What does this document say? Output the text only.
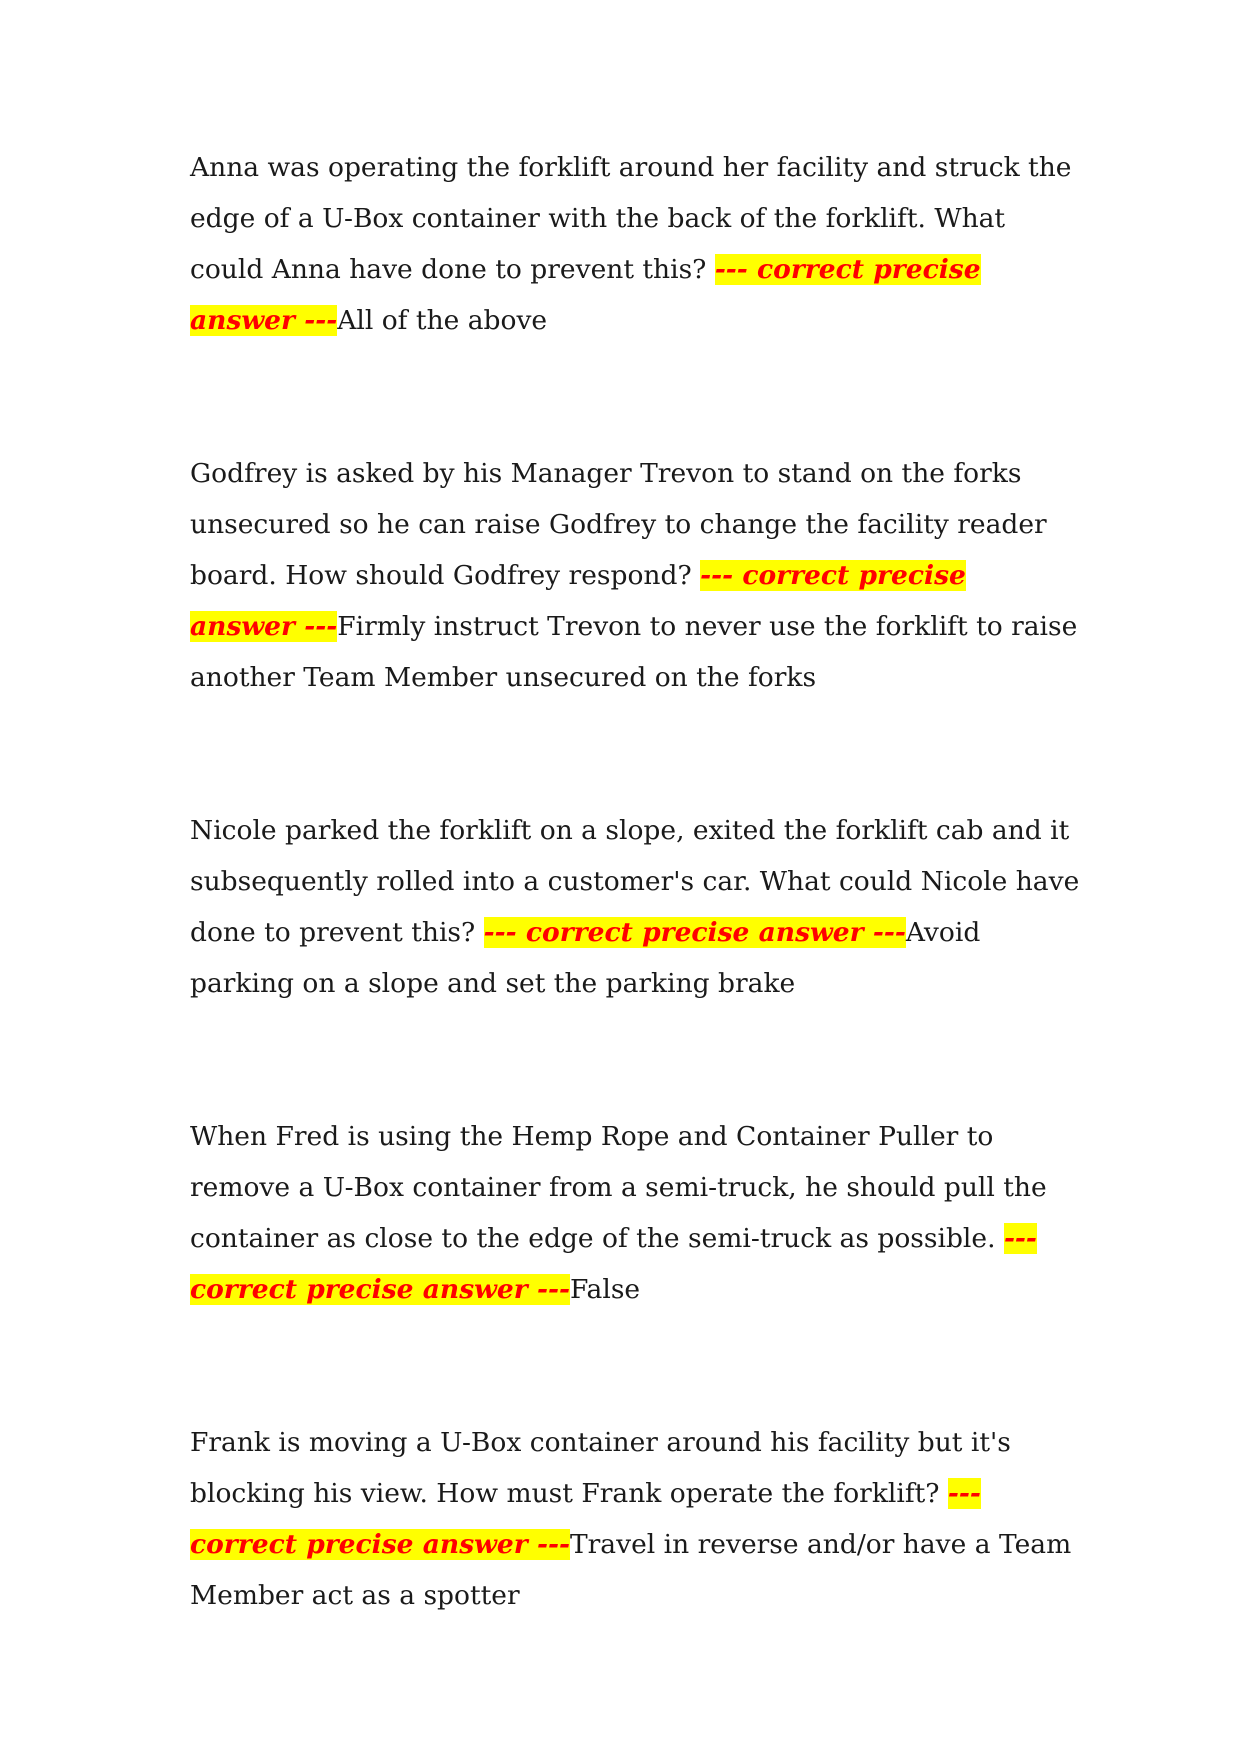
Anna was operating the forklift around her facility and struck the edge of a U-Box container with the back of the forklift. What could Anna have done to prevent this? --- correct precise answer ---All of the above

Godfrey is asked by his Manager Trevon to stand on the forks unsecured so he can raise Godfrey to change the facility reader board. How should Godfrey respond? --- correct precise answer ---Firmly instruct Trevon to never use the forklift to raise another Team Member unsecured on the forks

Nicole parked the forklift on a slope, exited the forklift cab and it subsequently rolled into a customer's car. What could Nicole have done to prevent this? --- correct precise answer ---Avoid parking on a slope and set the parking brake

When Fred is using the Hemp Rope and Container Puller to remove a U-Box container from a semi-truck, he should pull the container as close to the edge of the semi-truck as possible. --- correct precise answer ---False

Frank is moving a U-Box container around his facility but it's blocking his view. How must Frank operate the forklift? --- correct precise answer ---Travel in reverse and/or have a Team Member act as a spotter
